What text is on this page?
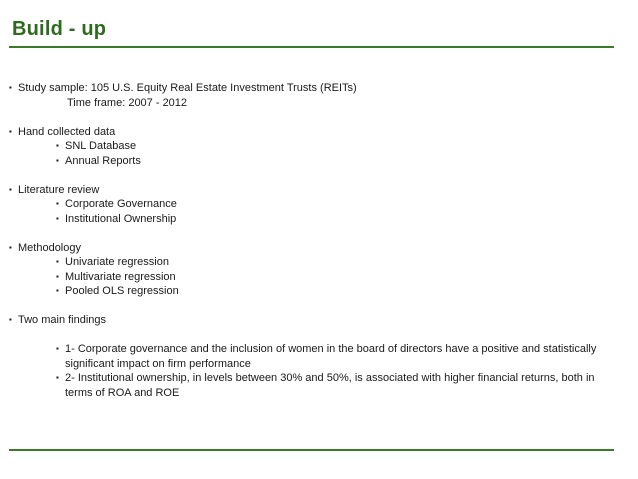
Build - up
▪ Study sample: 105 U.S. Equity Real Estate Investment Trusts (REITs)
Time frame: 2007 - 2012
▪ Hand collected data
▪ SNL Database
▪ Annual Reports
▪ Literature review
▪ Corporate Governance
▪ Institutional Ownership
▪ Methodology
▪ Univariate regression
▪ Multivariate regression
▪ Pooled OLS regression
▪ Two main findings
▪ 1- Corporate governance and the inclusion of women in the board of directors have a positive and statistically significant impact on firm performance
▪ 2- Institutional ownership, in levels between 30% and 50%, is associated with higher financial returns, both in terms of ROA and ROE
